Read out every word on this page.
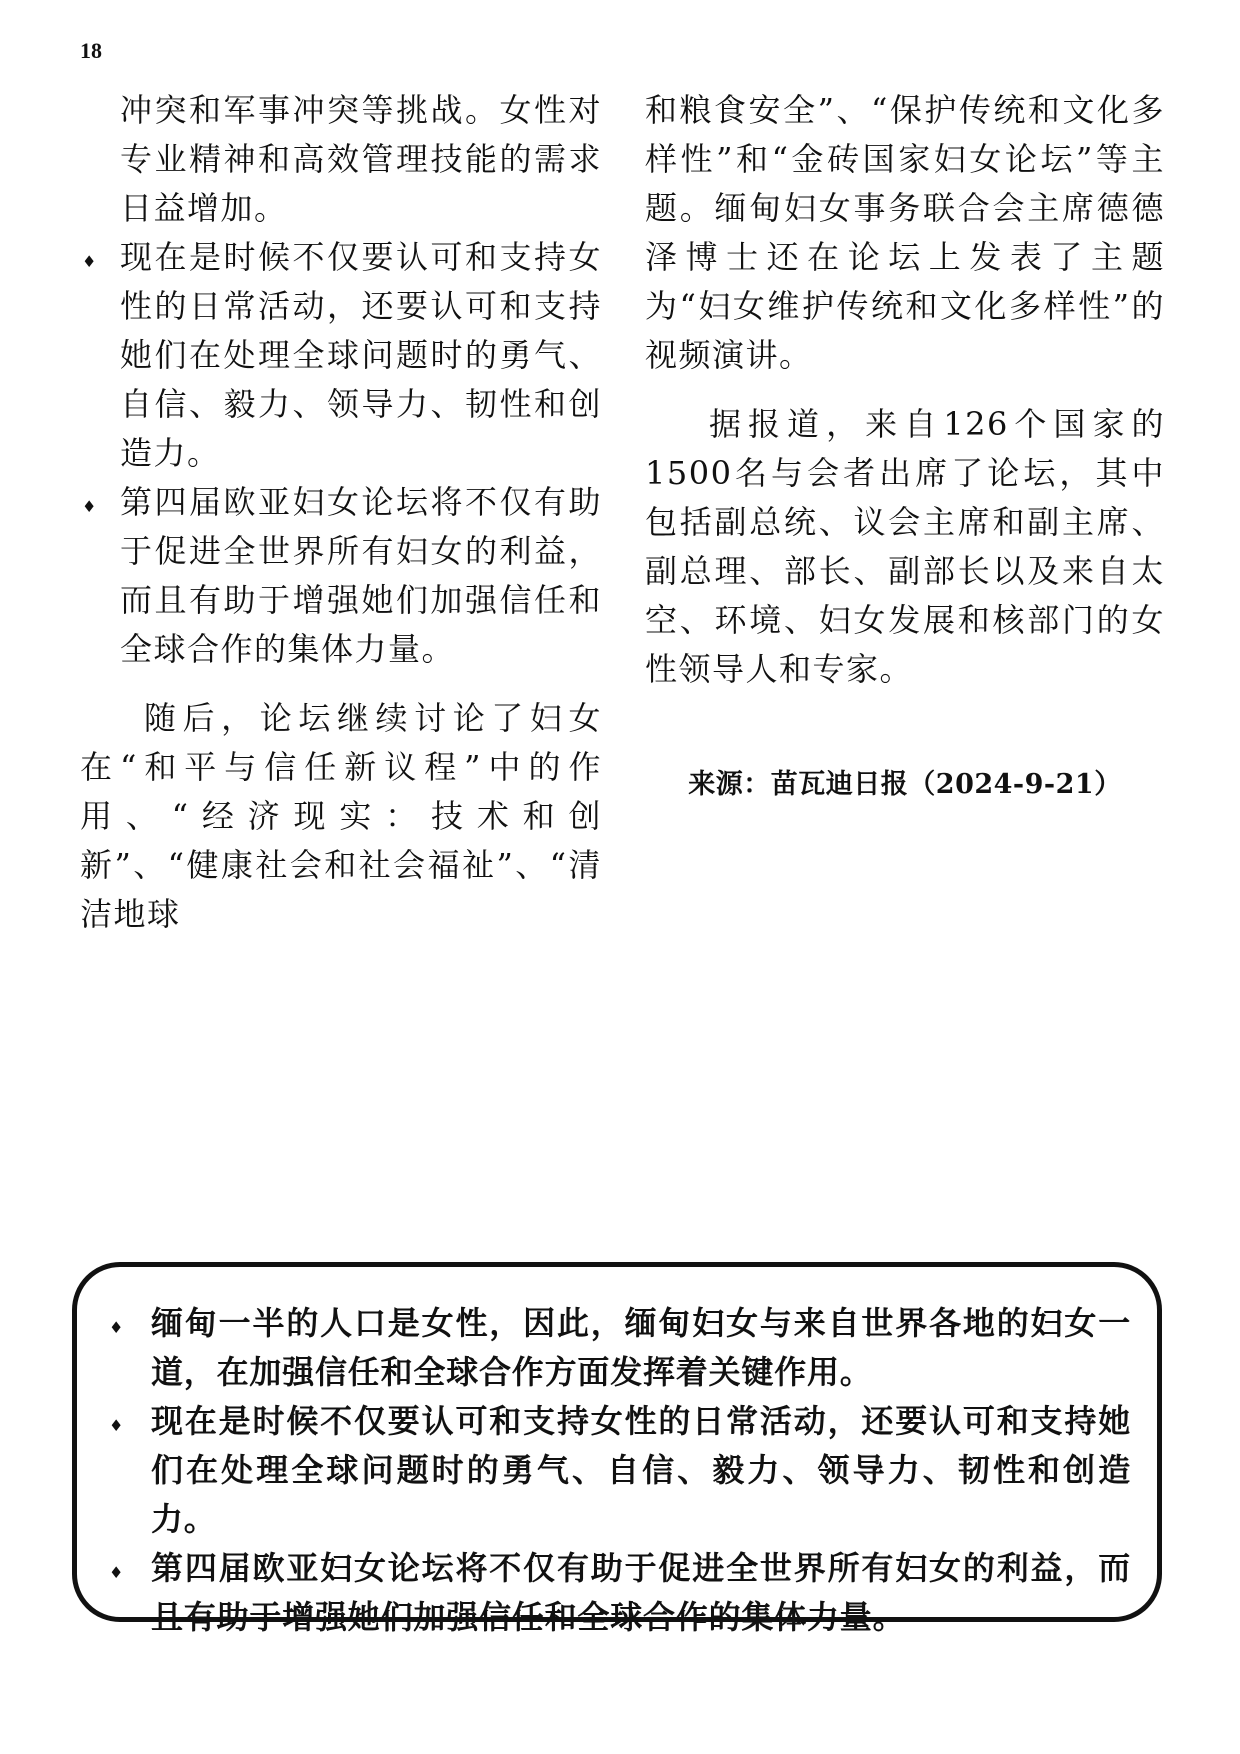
18

冲突和军事冲突等挑战。女性对专业精神和高效管理技能的需求日益增加。

♦ 现在是时候不仅要认可和支持女性的日常活动，还要认可和支持她们在处理全球问题时的勇气、自信、毅力、领导力、韧性和创造力。
♦ 第四届欧亚妇女论坛将不仅有助于促进全世界所有妇女的利益，而且有助于增强她们加强信任和全球合作的集体力量。

随后，论坛继续讨论了妇女在“和平与信任新议程”中的作用、“经济现实：技术和创新”、“健康社会和社会福祉”、“清洁地球

和粮食安全”、“保护传统和文化多样性”和“金砖国家妇女论坛”等主题。缅甸妇女事务联合会主席德德泽博士还在论坛上发表了主题为“妇女维护传统和文化多样性”的视频演讲。

据报道，来自126个国家的1500名与会者出席了论坛，其中包括副总统、议会主席和副主席、副总理、部长、副部长以及来自太空、环境、妇女发展和核部门的女性领导人和专家。

来源：苗瓦迪日报（2024-9-21）
♦ 缅甸一半的人口是女性，因此，缅甸妇女与来自世界各地的妇女一道，在加强信任和全球合作方面发挥着关键作用。
♦ 现在是时候不仅要认可和支持女性的日常活动，还要认可和支持她们在处理全球问题时的勇气、自信、毅力、领导力、韧性和创造力。
♦ 第四届欧亚妇女论坛将不仅有助于促进全世界所有妇女的利益，而且有助于增强她们加强信任和全球合作的集体力量。
